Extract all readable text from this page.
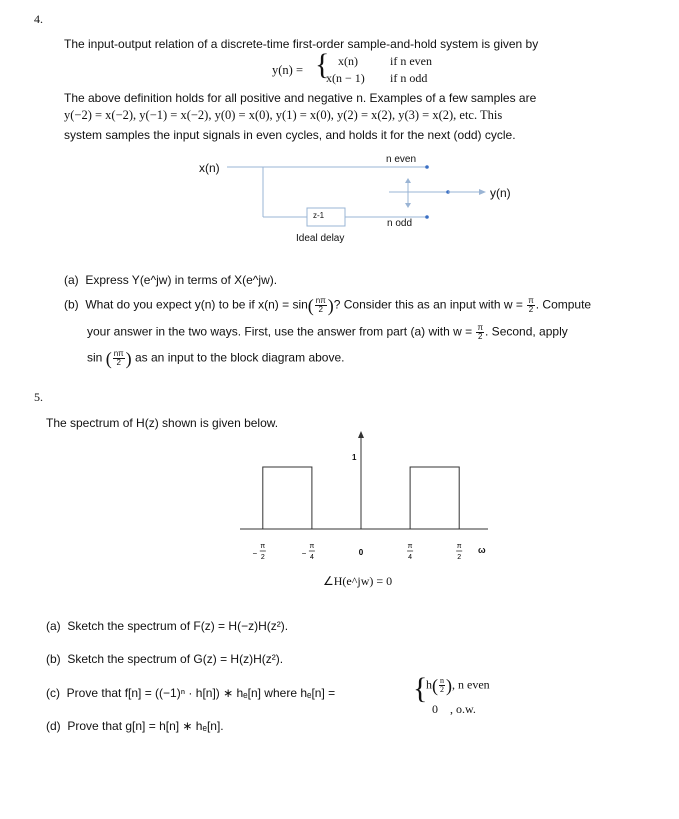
4.
The input-output relation of a discrete-time first-order sample-and-hold system is given by
y(n) = { x(n)	if n even
x(n − 1) if n odd
The above definition holds for all positive and negative n. Examples of a few samples are
y(−2) = x(−2), y(−1) = x(−2), y(0) = x(0), y(1) = x(0), y(2) = x(2), y(3) = x(2), etc. This
system samples the input signals in even cycles, and holds it for the next (odd) cycle.
x(n)
y(n)
n even
n odd
z-1
Ideal delay
(a) Express Y(e^jw) in terms of X(e^jw).
(b) What do you expect y(n) to be if $x(n) = \sin( \frac{n\pi}{2}$ )? Consider this as an input with $w = \frac{\pi}{2}$ . Compute
your answer in the two ways. First, use the answer from part (a) with $w = \frac{\pi}{2}$ . Second, apply
sin ( $\frac{n\pi}{2}$ ) as an input to the block diagram above.
5.
The spectrum of H(z) shown is given below.
−
π
2	−
π
4
0
π
4
π
2
1
ω
∠H(e^jw) = 0
(a) Sketch the spectrum of F(z) = H(−z)H(z²).
(b) Sketch the spectrum of G(z) = H(z)H(z²).
(c) Prove that f[n] = ((−1)ⁿ · h[n]) ∗ hₑ[n] where hₑ[n] =	{
$h( \frac{n}{2}$ ), n even
0 , o.w.
(d) Prove that g[n] = h[n] ∗ hₑ[n].
